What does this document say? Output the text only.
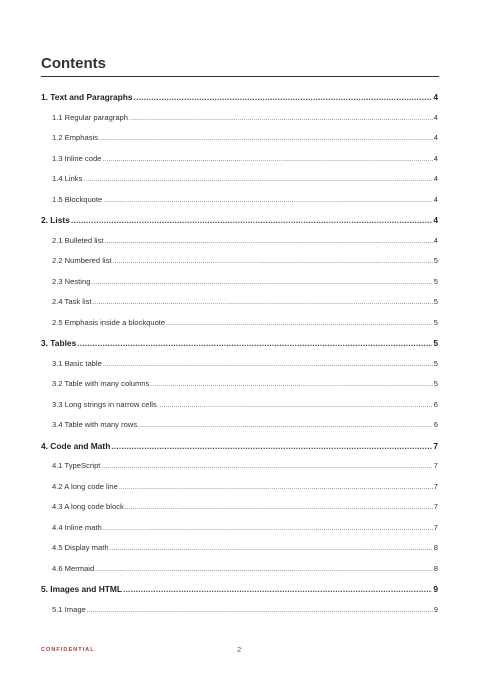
Contents
1. Text and Paragraphs .....	4
1.1 Regular paragraph .....	4
1.2 Emphasis .....	4
1.3 Inline code .....	4
1.4 Links .....	4
1.5 Blockquote .....	4
2. Lists .....	4
2.1 Bulleted list .....	4
2.2 Numbered list .....	5
2.3 Nesting .....	5
2.4 Task list .....	5
2.5 Emphasis inside a blockquote .....	5
3. Tables .....	5
3.1 Basic table .....	5
3.2 Table with many columns .....	5
3.3 Long strings in narrow cells .....	6
3.4 Table with many rows .....	6
4. Code and Math .....	7
4.1 TypeScript .....	7
4.2 A long code line .....	7
4.3 A long code block .....	7
4.4 Inline math .....	7
4.5 Display math .....	8
4.6 Mermaid .....	8
5. Images and HTML .....	9
5.1 Image .....	9
CONFIDENTIAL	2
